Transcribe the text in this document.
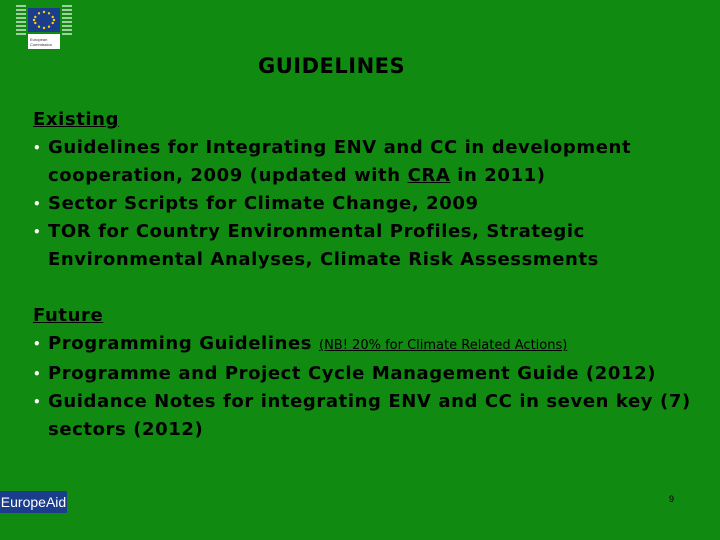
European
Commission
GUIDELINES
Existing
• Guidelines for Integrating ENV and CC in development cooperation, 2009 (updated with CRA in 2011)
• Sector Scripts for Climate Change, 2009
• TOR for Country Environmental Profiles, Strategic Environmental Analyses, Climate Risk Assessments
Future
• Programming Guidelines (NB! 20% for Climate Related Actions)
• Programme and Project Cycle Management Guide (2012)
• Guidance Notes for integrating ENV and CC in seven key (7) sectors (2012)
EuropeAid	9
